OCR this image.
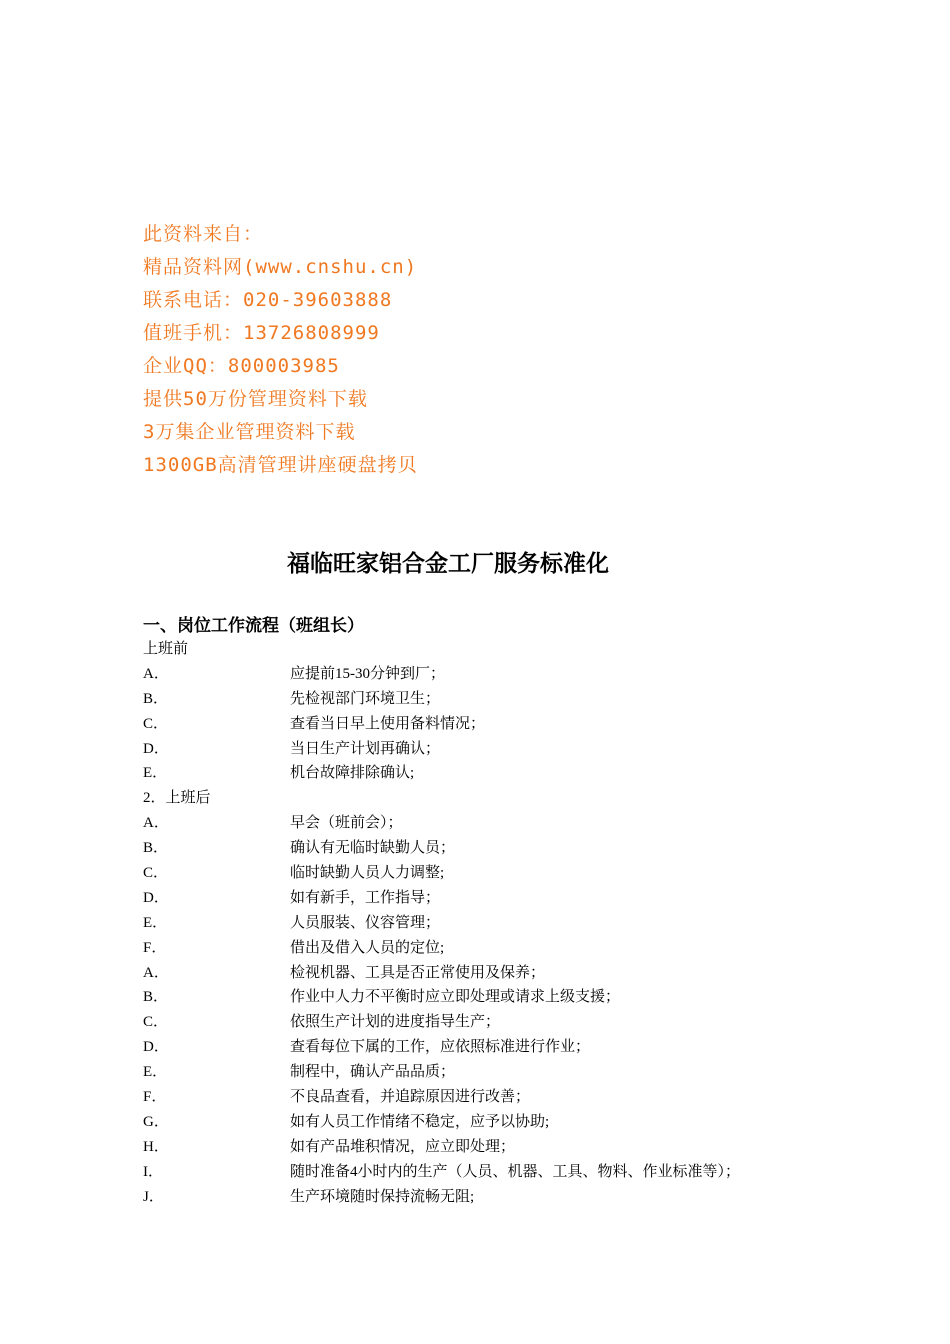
此资料来自：
精品资料网(www.cnshu.cn)
联系电话：020-39603888
值班手机：13726808999
企业QQ：800003985
提供50万份管理资料下载
3万集企业管理资料下载
1300GB高清管理讲座硬盘拷贝
福临旺家铝合金工厂服务标准化
一、岗位工作流程（班组长）
上班前
A．	应提前15-30分钟到厂；
B．	先检视部门环境卫生；
C．	查看当日早上使用备料情况；
D．	当日生产计划再确认；
E．	机台故障排除确认;
2．上班后
A．	早会（班前会）；
B．	确认有无临时缺勤人员；
C．	临时缺勤人员人力调整;
D．	如有新手，工作指导；
E．	人员服装、仪容管理；
F．	借出及借入人员的定位;
A．	检视机器、工具是否正常使用及保养；
B．	作业中人力不平衡时应立即处理或请求上级支援；
C．	依照生产计划的进度指导生产；
D．	查看每位下属的工作，应依照标准进行作业；
E．	制程中，确认产品品质；
F．	不良品查看，并追踪原因进行改善；
G．	如有人员工作情绪不稳定，应予以协助;
H．	如有产品堆积情况，应立即处理；
I．	随时准备4小时内的生产（人员、机器、工具、物料、作业标准等）；
J．	生产环境随时保持流畅无阻;
